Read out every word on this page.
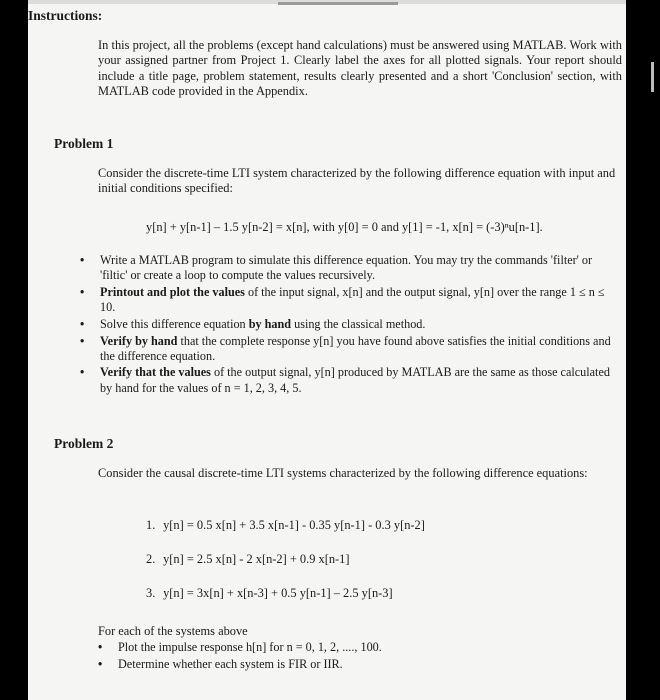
Instructions:
In this project, all the problems (except hand calculations) must be answered using MATLAB. Work with your assigned partner from Project 1. Clearly label the axes for all plotted signals. Your report should include a title page, problem statement, results clearly presented and a short 'Conclusion' section, with MATLAB code provided in the Appendix.
Problem 1
Consider the discrete-time LTI system characterized by the following difference equation with input and initial conditions specified:
y[n] + y[n-1] – 1.5 y[n-2] = x[n], with y[0] = 0 and y[1] = -1, x[n] = (-3)ⁿu[n-1].
• Write a MATLAB program to simulate this difference equation. You may try the commands 'filter' or 'filtic' or create a loop to compute the values recursively.
• Printout and plot the values of the input signal, x[n] and the output signal, y[n] over the range 1 ≤ n ≤ 10.
• Solve this difference equation by hand using the classical method.
• Verify by hand that the complete response y[n] you have found above satisfies the initial conditions and the difference equation.
• Verify that the values of the output signal, y[n] produced by MATLAB are the same as those calculated by hand for the values of n = 1, 2, 3, 4, 5.
Problem 2
Consider the causal discrete-time LTI systems characterized by the following difference equations:
1. y[n] = 0.5 x[n] + 3.5 x[n-1] - 0.35 y[n-1] - 0.3 y[n-2]
2. y[n] = 2.5 x[n] - 2 x[n-2] + 0.9 x[n-1]
3. y[n] = 3x[n] + x[n-3] + 0.5 y[n-1] – 2.5 y[n-3]
For each of the systems above
• Plot the impulse response h[n] for n = 0, 1, 2, ...., 100.
• Determine whether each system is FIR or IIR.
